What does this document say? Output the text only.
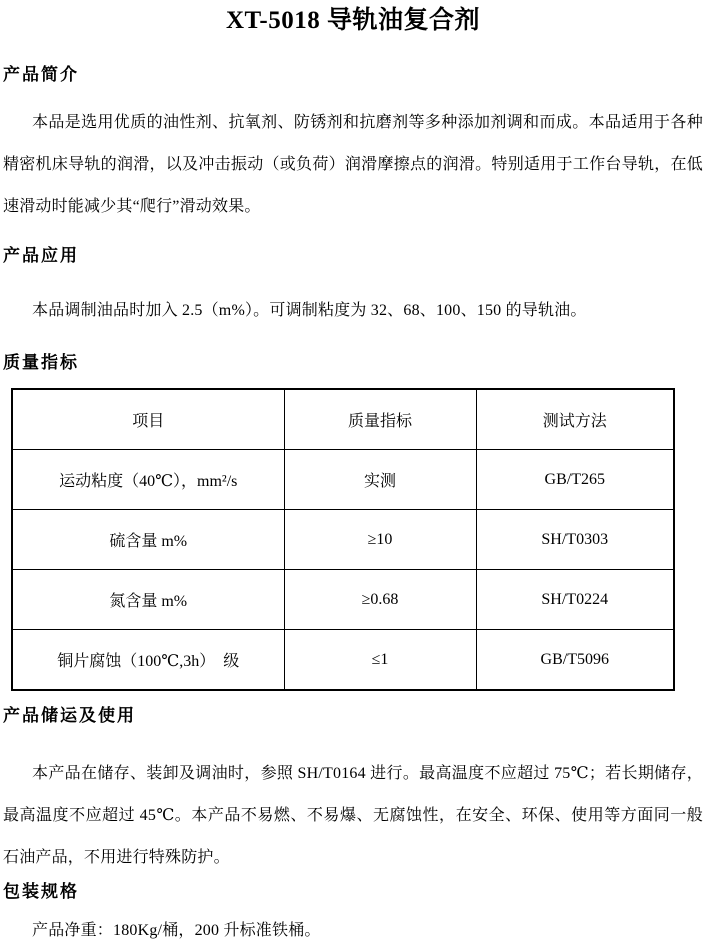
XT-5018 导轨油复合剂
产品简介

本品是选用优质的油性剂、抗氧剂、防锈剂和抗磨剂等多种添加剂调和而成。本品适用于各种精密机床导轨的润滑，以及冲击振动（或负荷）润滑摩擦点的润滑。特别适用于工作台导轨，在低速滑动时能减少其“爬行”滑动效果。

产品应用

本品调制油品时加入 2.5（m%）。可调制粘度为 32、68、100、150 的导轨油。

质量指标
项目	质量指标	测试方法
运动粘度（40℃），mm²/s	实测	GB/T265
硫含量 m%	≥10	SH/T0303
氮含量 m%	≥0.68	SH/T0224
铜片腐蚀（100℃,3h）　级	≤1	GB/T5096
产品储运及使用

本产品在储存、装卸及调油时，参照 SH/T0164 进行。最高温度不应超过 75℃；若长期储存，最高温度不应超过 45℃。本产品不易燃、不易爆、无腐蚀性，在安全、环保、使用等方面同一般石油产品，不用进行特殊防护。

包装规格

产品净重：180Kg/桶，200 升标准铁桶。
